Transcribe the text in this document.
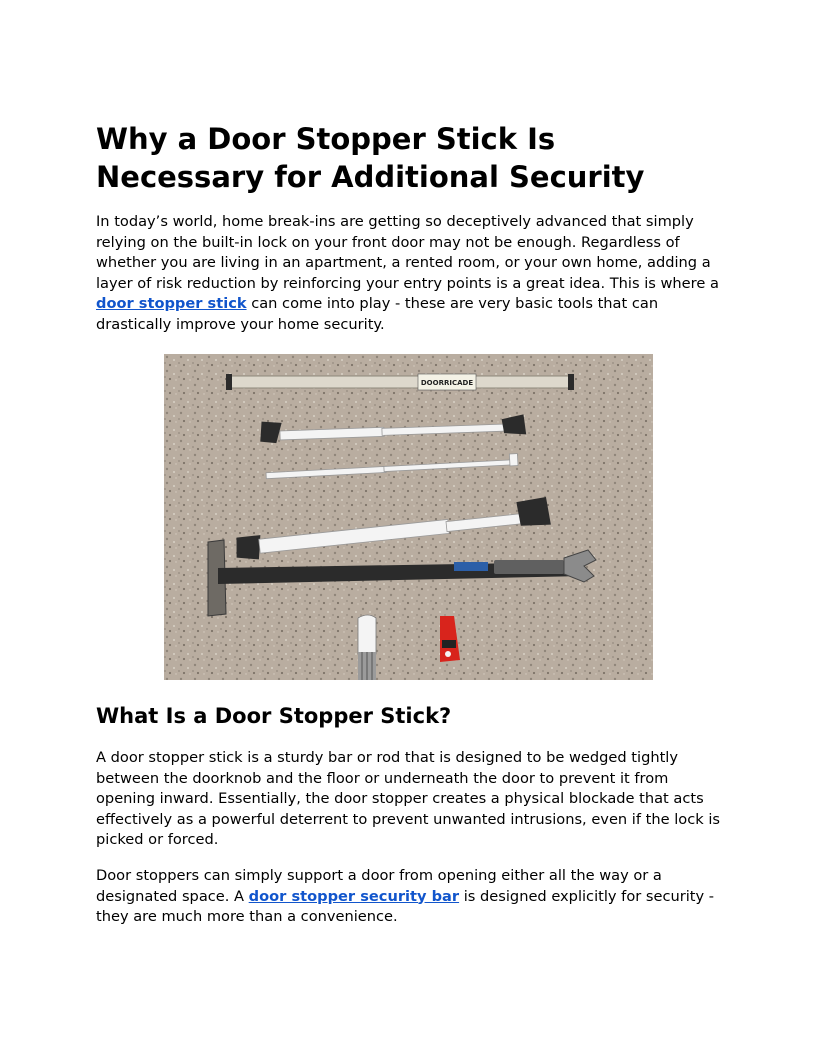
Why a Door Stopper Stick Is Necessary for Additional Security

In today’s world, home break-ins are getting so deceptively advanced that simply relying on the built-in lock on your front door may not be enough. Regardless of whether you are living in an apartment, a rented room, or your own home, adding a layer of risk reduction by reinforcing your entry points is a great idea. This is where a door stopper stick can come into play - these are very basic tools that can drastically improve your home security.

What Is a Door Stopper Stick?

A door stopper stick is a sturdy bar or rod that is designed to be wedged tightly between the doorknob and the floor or underneath the door to prevent it from opening inward. Essentially, the door stopper creates a physical blockade that acts effectively as a powerful deterrent to prevent unwanted intrusions, even if the lock is picked or forced.

Door stoppers can simply support a door from opening either all the way or a designated space. A door stopper security bar is designed explicitly for security - they are much more than a convenience.

DOORRICADE
